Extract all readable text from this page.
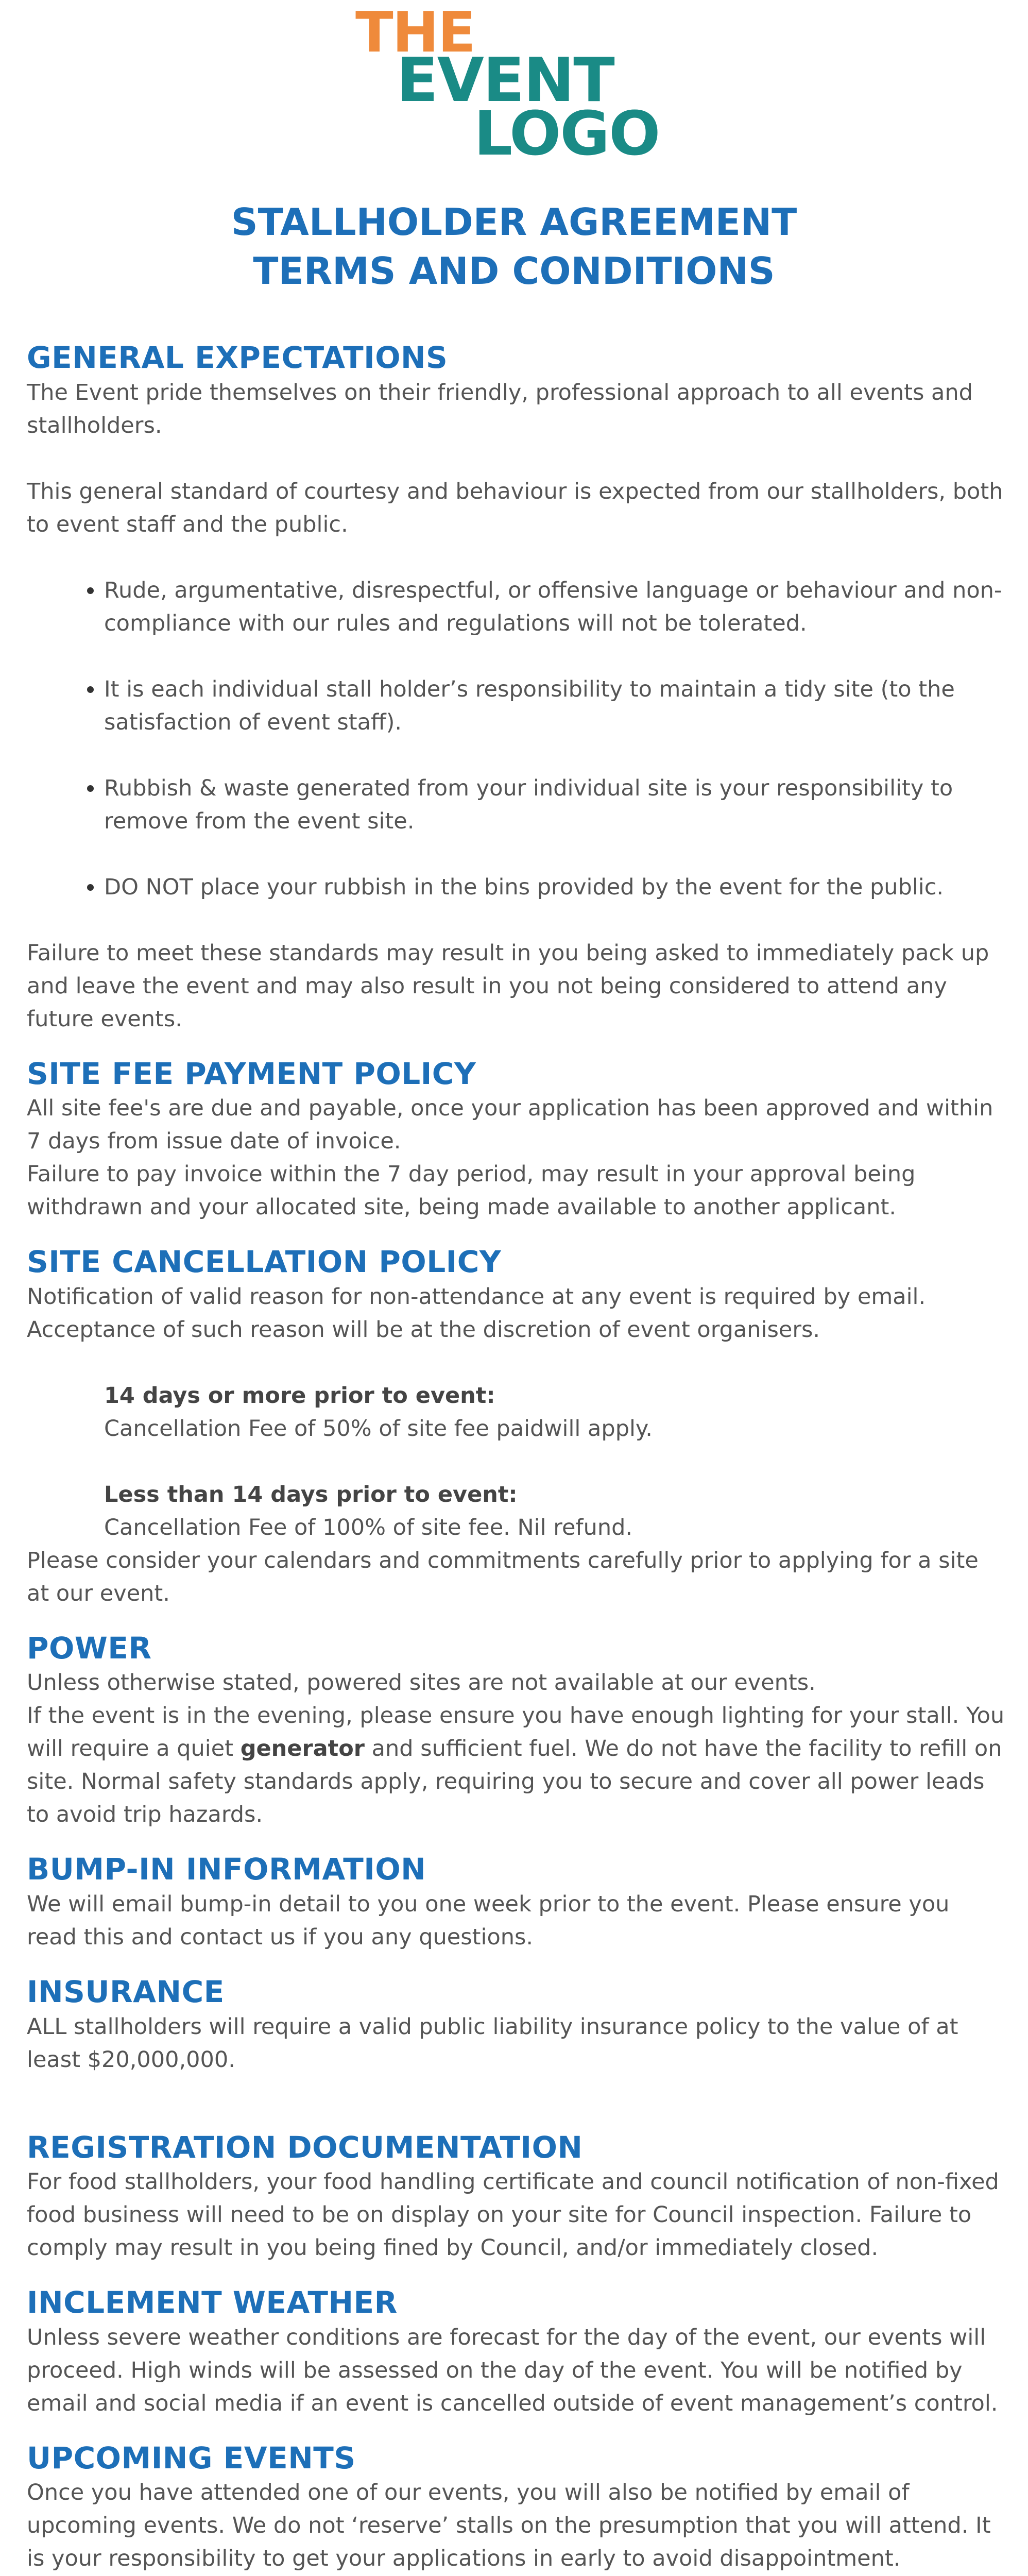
THE
EVENT
LOGO
STALLHOLDER AGREEMENT
TERMS AND CONDITIONS
GENERAL EXPECTATIONS

The Event pride themselves on their friendly, professional approach to all events and stallholders.

This general standard of courtesy and behaviour is expected from our stallholders, both to event staff and the public.

• Rude, argumentative, disrespectful, or offensive language or behaviour and non-compliance with our rules and regulations will not be tolerated.
• It is each individual stall holder’s responsibility to maintain a tidy site (to the satisfaction of event staff).
• Rubbish & waste generated from your individual site is your responsibility to remove from the event site.
• DO NOT place your rubbish in the bins provided by the event for the public.

Failure to meet these standards may result in you being asked to immediately pack up and leave the event and may also result in you not being considered to attend any future events.

SITE FEE PAYMENT POLICY

All site fee's are due and payable, once your application has been approved and within 7 days from issue date of invoice.

Failure to pay invoice within the 7 day period, may result in your approval being withdrawn and your allocated site, being made available to another applicant.

SITE CANCELLATION POLICY

Notification of valid reason for non-attendance at any event is required by email. Acceptance of such reason will be at the discretion of event organisers.

14 days or more prior to event:

Cancellation Fee of 50% of site fee paidwill apply.

Less than 14 days prior to event:

Cancellation Fee of 100% of site fee. Nil refund.

Please consider your calendars and commitments carefully prior to applying for a site at our event.

POWER

Unless otherwise stated, powered sites are not available at our events.

If the event is in the evening, please ensure you have enough lighting for your stall. You will require a quiet generator and sufficient fuel. We do not have the facility to refill on site. Normal safety standards apply, requiring you to secure and cover all power leads to avoid trip hazards.

BUMP-IN INFORMATION

We will email bump-in detail to you one week prior to the event. Please ensure you read this and contact us if you any questions.

INSURANCE

ALL stallholders will require a valid public liability insurance policy to the value of at least $20,000,000.

REGISTRATION DOCUMENTATION

For food stallholders, your food handling certificate and council notification of non-fixed food business will need to be on display on your site for Council inspection. Failure to comply may result in you being fined by Council, and/or immediately closed.

INCLEMENT WEATHER

Unless severe weather conditions are forecast for the day of the event, our events will proceed. High winds will be assessed on the day of the event. You will be notified by email and social media if an event is cancelled outside of event management’s control.

UPCOMING EVENTS

Once you have attended one of our events, you will also be notified by email of upcoming events. We do not ‘reserve’ stalls on the presumption that you will attend. It is your responsibility to get your applications in early to avoid disappointment.
